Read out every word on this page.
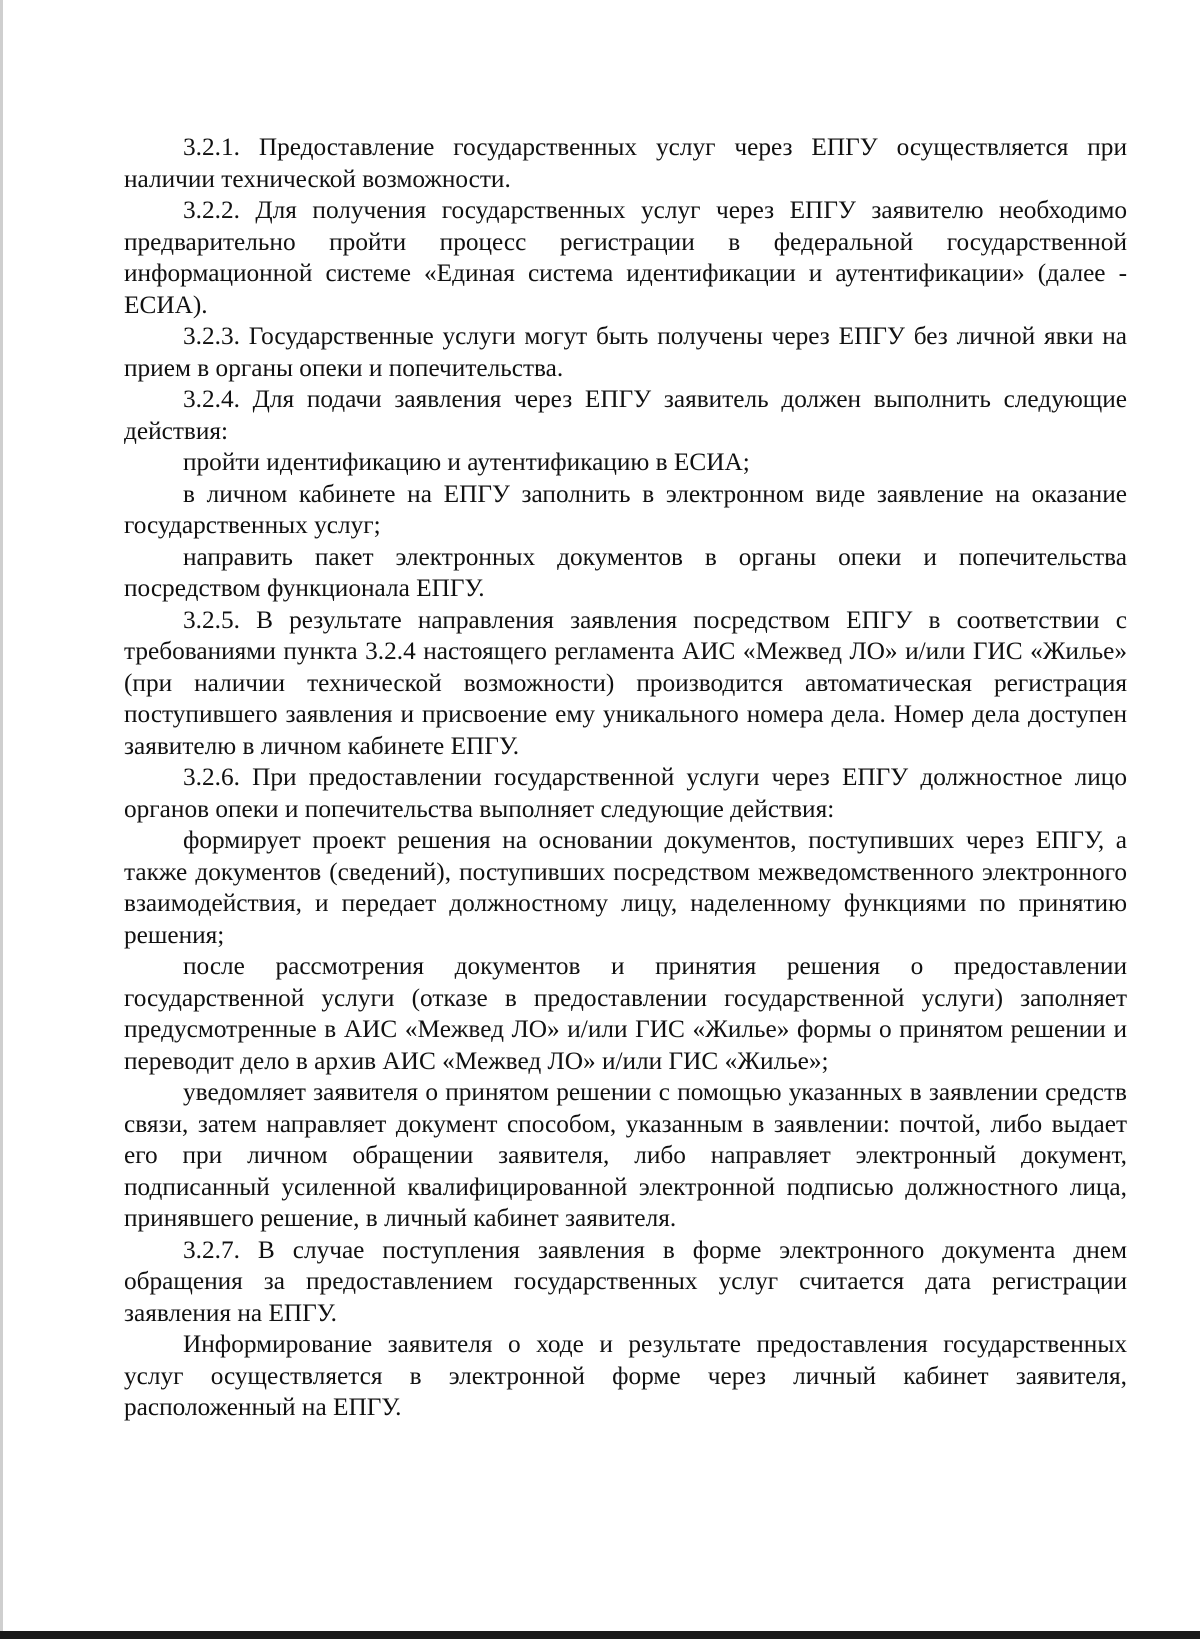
3.2.1. Предоставление государственных услуг через ЕПГУ осуществляется при наличии технической возможности.

3.2.2. Для получения государственных услуг через ЕПГУ заявителю необходимо предварительно пройти процесс регистрации в федеральной государственной информационной системе «Единая система идентификации и аутентификации» (далее - ЕСИА).

3.2.3. Государственные услуги могут быть получены через ЕПГУ без личной явки на прием в органы опеки и попечительства.

3.2.4. Для подачи заявления через ЕПГУ заявитель должен выполнить следующие действия:

пройти идентификацию и аутентификацию в ЕСИА;

в личном кабинете на ЕПГУ заполнить в электронном виде заявление на оказание государственных услуг;

направить пакет электронных документов в органы опеки и попечительства посредством функционала ЕПГУ.

3.2.5. В результате направления заявления посредством ЕПГУ в соответствии с требованиями пункта 3.2.4 настоящего регламента АИС «Межвед ЛО» и/или ГИС «Жилье» (при наличии технической возможности) производится автоматическая регистрация поступившего заявления и присвоение ему уникального номера дела. Номер дела доступен заявителю в личном кабинете ЕПГУ.

3.2.6. При предоставлении государственной услуги через ЕПГУ должностное лицо органов опеки и попечительства выполняет следующие действия:

формирует проект решения на основании документов, поступивших через ЕПГУ, а также документов (сведений), поступивших посредством межведомственного электронного взаимодействия, и передает должностному лицу, наделенному функциями по принятию решения;

после рассмотрения документов и принятия решения о предоставлении государственной услуги (отказе в предоставлении государственной услуги) заполняет предусмотренные в АИС «Межвед ЛО» и/или ГИС «Жилье» формы о принятом решении и переводит дело в архив АИС «Межвед ЛО» и/или ГИС «Жилье»;

уведомляет заявителя о принятом решении с помощью указанных в заявлении средств связи, затем направляет документ способом, указанным в заявлении: почтой, либо выдает его при личном обращении заявителя, либо направляет электронный документ, подписанный усиленной квалифицированной электронной подписью должностного лица, принявшего решение, в личный кабинет заявителя.

3.2.7. В случае поступления заявления в форме электронного документа днем обращения за предоставлением государственных услуг считается дата регистрации заявления на ЕПГУ.

Информирование заявителя о ходе и результате предоставления государственных услуг осуществляется в электронной форме через личный кабинет заявителя, расположенный на ЕПГУ.
